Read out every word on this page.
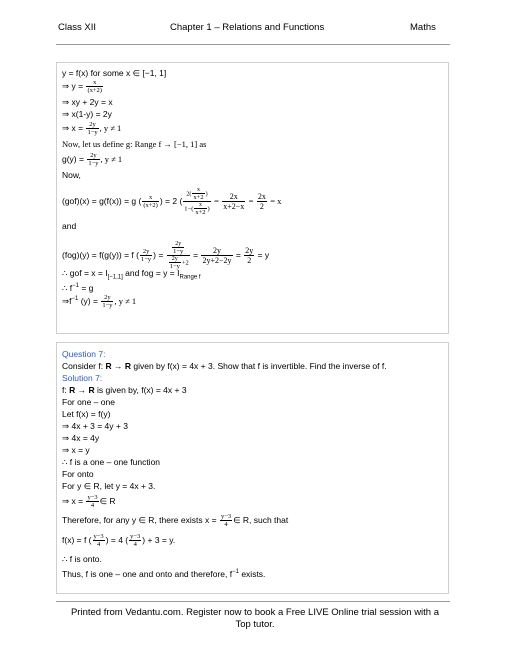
Class XII	Chapter 1 – Relations and Functions	Maths
y = f(x) for some x ∈ [−1, 1]
⇒ $y = \frac{x}{(x+2)}$
⇒ xy + 2y = x
⇒ x(1-y) = 2y
⇒ $x = \frac{2y}{1-y}$ , y ≠ 1
Now, let us define g: Range f → [−1, 1] as
$g(y) = \frac{2y}{1-y}$ , y ≠ 1
Now,
(gof)(x) = g(f(x)) = g ( $\frac{x}{(x+2)}$ ) = 2 ( $\frac{2( \frac{x}{x+2} )}{1-( \frac{x}{x+2} )} = \frac{2x}{x+2-x} = \frac{2x}{2} = x$
and
(fog)(y) = f(g(y)) = f ( $\frac{2y}{1-y}$ ) = $\frac{\frac{2y}{1-y}}{\frac{2y}{1-y} +2} = \frac{2y}{2y+2-2y} = \frac{2y}{2} = y$
∴ gof = $x = I_{[-1,1]}$ and fog = $y = I_{Range f}$
∴ $f^{-1} = g$
$\Rightarrow f^{-1}$ $(y) = \frac{2y}{1-y}$ , y ≠ 1
Question 7:
Consider f: R → R given by f(x) = 4x + 3. Show that f is invertible. Find the inverse of f.
Solution 7:
f: R → R is given by, f(x) = 4x + 3
For one – one
Let f(x) = f(y)
⇒ 4x + 3 = 4y + 3
⇒ 4x = 4y
⇒ x = y
∴ f is a one – one function
For onto
For y ∈ R, let y = 4x + 3.
⇒ $x = \frac{y-3}{4}$ ∈ R
Therefore, for any y ∈ R, there exists $x = \frac{y-3}{4}$ ∈ R, such that
f(x) = f ( $\frac{y-3}{4}$ ) = 4 ( $\frac{y-3}{4}$ ) + 3 = y.
∴ f is onto.
Thus, f is one – one and onto and therefore, $f^{-1}$ exists.
Printed from Vedantu.com. Register now to book a Free LIVE Online trial session with a
Top tutor.
